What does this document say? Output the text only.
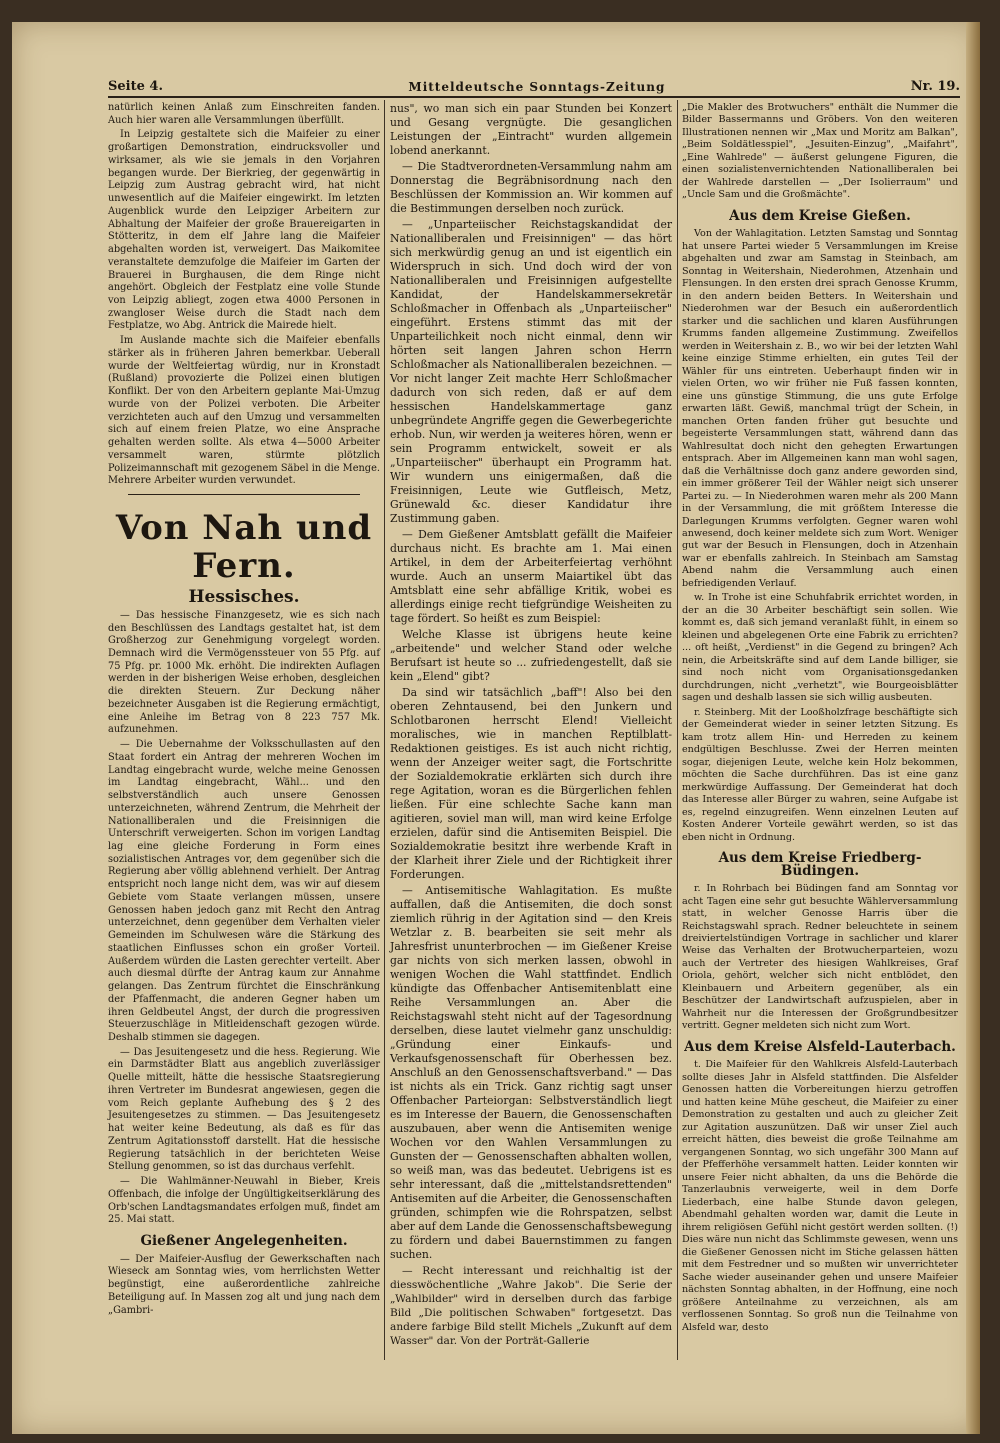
Seite 4.	Mitteldeutsche Sonntags-Zeitung	Nr. 19.

natürlich keinen Anlaß zum Einschreiten fanden. Auch hier waren alle Versammlungen überfüllt.

In Leipzig gestaltete sich die Maifeier zu einer großartigen Demonstration, eindrucksvoller und wirksamer, als wie sie jemals in den Vorjahren begangen wurde. Der Bierkrieg, der gegenwärtig in Leipzig zum Austrag gebracht wird, hat nicht unwesentlich auf die Maifeier eingewirkt. Im letzten Augenblick wurde den Leipziger Arbeitern zur Abhaltung der Maifeier der große Brauereigarten in Stötteritz, in dem elf Jahre lang die Maifeier abgehalten worden ist, verweigert. Das Maikomitee veranstaltete demzufolge die Maifeier im Garten der Brauerei in Burghausen, die dem Ringe nicht angehört. Obgleich der Festplatz eine volle Stunde von Leipzig abliegt, zogen etwa 4000 Personen in zwangloser Weise durch die Stadt nach dem Festplatze, wo Abg. Antrick die Mairede hielt.

Im Auslande machte sich die Maifeier ebenfalls stärker als in früheren Jahren bemerkbar. Ueberall wurde der Weltfeiertag würdig, nur in Kronstadt (Rußland) provozierte die Polizei einen blutigen Konflikt. Der von den Arbeitern geplante Mai-Umzug wurde von der Polizei verboten. Die Arbeiter verzichteten auch auf den Umzug und versammelten sich auf einem freien Platze, wo eine Ansprache gehalten werden sollte. Als etwa 4—5000 Arbeiter versammelt waren, stürmte plötzlich Polizeimannschaft mit gezogenem Säbel in die Menge. Mehrere Arbeiter wurden verwundet.

Von Nah und Fern.
Hessisches.

— Das hessische Finanzgesetz, wie es sich nach den Beschlüssen des Landtags gestaltet hat, ist dem Großherzog zur Genehmigung vorgelegt worden. Demnach wird die Vermögenssteuer von 55 Pfg. auf 75 Pfg. pr. 1000 Mk. erhöht. Die indirekten Auflagen werden in der bisherigen Weise erhoben, desgleichen die direkten Steuern. Zur Deckung näher bezeichneter Ausgaben ist die Regierung ermächtigt, eine Anleihe im Betrag von 8 223 757 Mk. aufzunehmen.

— Die Uebernahme der Volksschullasten auf den Staat fordert ein Antrag der mehreren Wochen im Landtag eingebracht wurde, welche meine Genossen im Landtag eingebracht, Wähl... und den selbstverständlich auch unsere Genossen unterzeichneten, während Zentrum, die Mehrheit der Nationalliberalen und die Freisinnigen die Unterschrift verweigerten. Schon im vorigen Landtag lag eine gleiche Forderung in Form eines sozialistischen Antrages vor, dem gegenüber sich die Regierung aber völlig ablehnend verhielt. Der Antrag entspricht noch lange nicht dem, was wir auf diesem Gebiete vom Staate verlangen müssen, unsere Genossen haben jedoch ganz mit Recht den Antrag unterzeichnet, denn gegenüber dem Verhalten vieler Gemeinden im Schulwesen wäre die Stärkung des staatlichen Einflusses schon ein großer Vorteil. Außerdem würden die Lasten gerechter verteilt. Aber auch diesmal dürfte der Antrag kaum zur Annahme gelangen. Das Zentrum fürchtet die Einschränkung der Pfaffenmacht, die anderen Gegner haben um ihren Geldbeutel Angst, der durch die progressiven Steuerzuschläge in Mitleidenschaft gezogen würde. Deshalb stimmen sie dagegen.

— Das Jesuitengesetz und die hess. Regierung. Wie ein Darmstädter Blatt aus angeblich zuverlässiger Quelle mitteilt, hätte die hessische Staatsregierung ihren Vertreter im Bundesrat angewiesen, gegen die vom Reich geplante Aufhebung des § 2 des Jesuitengesetzes zu stimmen. — Das Jesuitengesetz hat weiter keine Bedeutung, als daß es für das Zentrum Agitationsstoff darstellt. Hat die hessische Regierung tatsächlich in der berichteten Weise Stellung genommen, so ist das durchaus verfehlt.

— Die Wahlmänner-Neuwahl in Bieber, Kreis Offenbach, die infolge der Ungültigkeitserklärung des Orb'schen Landtagsmandates erfolgen muß, findet am 25. Mai statt.

Gießener Angelegenheiten.

— Der Maifeier-Ausflug der Gewerkschaften nach Wieseck am Sonntag wies, vom herrlichsten Wetter begünstigt, eine außerordentliche zahlreiche Beteiligung auf. In Massen zog alt und jung nach dem „Gambri-

nus", wo man sich ein paar Stunden bei Konzert und Gesang vergnügte. Die gesanglichen Leistungen der „Eintracht" wurden allgemein lobend anerkannt.

— Die Stadtverordneten-Versammlung nahm am Donnerstag die Begräbnisordnung nach den Beschlüssen der Kommission an. Wir kommen auf die Bestimmungen derselben noch zurück.

— „Unparteiischer Reichstagskandidat der Nationalliberalen und Freisinnigen" — das hört sich merkwürdig genug an und ist eigentlich ein Widerspruch in sich. Und doch wird der von Nationalliberalen und Freisinnigen aufgestellte Kandidat, der Handelskammersekretär Schloßmacher in Offenbach als „Unparteiischer" eingeführt. Erstens stimmt das mit der Unparteilichkeit noch nicht einmal, denn wir hörten seit langen Jahren schon Herrn Schloßmacher als Nationalliberalen bezeichnen. — Vor nicht langer Zeit machte Herr Schloßmacher dadurch von sich reden, daß er auf dem hessischen Handelskammertage ganz unbegründete Angriffe gegen die Gewerbegerichte erhob. Nun, wir werden ja weiteres hören, wenn er sein Programm entwickelt, soweit er als „Unparteiischer" überhaupt ein Programm hat. Wir wundern uns einigermaßen, daß die Freisinnigen, Leute wie Gutfleisch, Metz, Grünewald &c. dieser Kandidatur ihre Zustimmung gaben.

— Dem Gießener Amtsblatt gefällt die Maifeier durchaus nicht. Es brachte am 1. Mai einen Artikel, in dem der Arbeiterfeiertag verhöhnt wurde. Auch an unserm Maiartikel übt das Amtsblatt eine sehr abfällige Kritik, wobei es allerdings einige recht tiefgründige Weisheiten zu tage fördert. So heißt es zum Beispiel:

Welche Klasse ist übrigens heute keine „arbeitende" und welcher Stand oder welche Berufsart ist heute so ... zufriedengestellt, daß sie kein „Elend" gibt?

Da sind wir tatsächlich „baff"! Also bei den oberen Zehntausend, bei den Junkern und Schlotbaronen herrscht Elend! Vielleicht moralisches, wie in manchen Reptilblatt-Redaktionen geistiges. Es ist auch nicht richtig, wenn der Anzeiger weiter sagt, die Fortschritte der Sozialdemokratie erklärten sich durch ihre rege Agitation, woran es die Bürgerlichen fehlen ließen. Für eine schlechte Sache kann man agitieren, soviel man will, man wird keine Erfolge erzielen, dafür sind die Antisemiten Beispiel. Die Sozialdemokratie besitzt ihre werbende Kraft in der Klarheit ihrer Ziele und der Richtigkeit ihrer Forderungen.

— Antisemitische Wahlagitation. Es mußte auffallen, daß die Antisemiten, die doch sonst ziemlich rührig in der Agitation sind — den Kreis Wetzlar z. B. bearbeiten sie seit mehr als Jahresfrist ununterbrochen — im Gießener Kreise gar nichts von sich merken lassen, obwohl in wenigen Wochen die Wahl stattfindet. Endlich kündigte das Offenbacher Antisemitenblatt eine Reihe Versammlungen an. Aber die Reichstagswahl steht nicht auf der Tagesordnung derselben, diese lautet vielmehr ganz unschuldig: „Gründung einer Einkaufs- und Verkaufsgenossenschaft für Oberhessen bez. Anschluß an den Genossenschaftsverband." — Das ist nichts als ein Trick. Ganz richtig sagt unser Offenbacher Parteiorgan: Selbstverständlich liegt es im Interesse der Bauern, die Genossenschaften auszubauen, aber wenn die Antisemiten wenige Wochen vor den Wahlen Versammlungen zu Gunsten der — Genossenschaften abhalten wollen, so weiß man, was das bedeutet. Uebrigens ist es sehr interessant, daß die „mittelstandsrettenden" Antisemiten auf die Arbeiter, die Genossenschaften gründen, schimpfen wie die Rohrspatzen, selbst aber auf dem Lande die Genossenschaftsbewegung zu fördern und dabei Bauernstimmen zu fangen suchen.

— Recht interessant und reichhaltig ist der diesswöchentliche „Wahre Jakob". Die Serie der „Wahlbilder" wird in derselben durch das farbige Bild „Die politischen Schwaben" fortgesetzt. Das andere farbige Bild stellt Michels „Zukunft auf dem Wasser" dar. Von der Porträt-Gallerie

„Die Makler des Brotwuchers" enthält die Nummer die Bilder Bassermanns und Gröbers. Von den weiteren Illustrationen nennen wir „Max und Moritz am Balkan", „Beim Soldätlesspiel", „Jesuiten-Einzug", „Maifahrt", „Eine Wahlrede" — äußerst gelungene Figuren, die einen sozialistenvernichtenden Nationalliberalen bei der Wahlrede darstellen — „Der Isolierraum" und „Uncle Sam und die Großmächte".

Aus dem Kreise Gießen.

Von der Wahlagitation. Letzten Samstag und Sonntag hat unsere Partei wieder 5 Versammlungen im Kreise abgehalten und zwar am Samstag in Steinbach, am Sonntag in Weitershain, Niederohmen, Atzenhain und Flensungen. In den ersten drei sprach Genosse Krumm, in den andern beiden Betters. In Weitershain und Niederohmen war der Besuch ein außerordentlich starker und die sachlichen und klaren Ausführungen Krumms fanden allgemeine Zustimmung. Zweifellos werden in Weitershain z. B., wo wir bei der letzten Wahl keine einzige Stimme erhielten, ein gutes Teil der Wähler für uns eintreten. Ueberhaupt finden wir in vielen Orten, wo wir früher nie Fuß fassen konnten, eine uns günstige Stimmung, die uns gute Erfolge erwarten läßt. Gewiß, manchmal trügt der Schein, in manchen Orten fanden früher gut besuchte und begeisterte Versammlungen statt, während dann das Wahlresultat doch nicht den gehegten Erwartungen entsprach. Aber im Allgemeinen kann man wohl sagen, daß die Verhältnisse doch ganz andere geworden sind, ein immer größerer Teil der Wähler neigt sich unserer Partei zu. — In Niederohmen waren mehr als 200 Mann in der Versammlung, die mit größtem Interesse die Darlegungen Krumms verfolgten. Gegner waren wohl anwesend, doch keiner meldete sich zum Wort. Weniger gut war der Besuch in Flensungen, doch in Atzenhain war er ebenfalls zahlreich. In Steinbach am Samstag Abend nahm die Versammlung auch einen befriedigenden Verlauf.

w. In Trohe ist eine Schuhfabrik errichtet worden, in der an die 30 Arbeiter beschäftigt sein sollen. Wie kommt es, daß sich jemand veranlaßt fühlt, in einem so kleinen und abgelegenen Orte eine Fabrik zu errichten? ... oft heißt, „Verdienst" in die Gegend zu bringen? Ach nein, die Arbeitskräfte sind auf dem Lande billiger, sie sind noch nicht vom Organisationsgedanken durchdrungen, nicht „verhetzt", wie Bourgeoisblätter sagen und deshalb lassen sie sich willig ausbeuten.

r. Steinberg. Mit der Looßholzfrage beschäftigte sich der Gemeinderat wieder in seiner letzten Sitzung. Es kam trotz allem Hin- und Herreden zu keinem endgültigen Beschlusse. Zwei der Herren meinten sogar, diejenigen Leute, welche kein Holz bekommen, möchten die Sache durchführen. Das ist eine ganz merkwürdige Auffassung. Der Gemeinderat hat doch das Interesse aller Bürger zu wahren, seine Aufgabe ist es, regelnd einzugreifen. Wenn einzelnen Leuten auf Kosten Anderer Vorteile gewährt werden, so ist das eben nicht in Ordnung.

Aus dem Kreise Friedberg-Büdingen.

r. In Rohrbach bei Büdingen fand am Sonntag vor acht Tagen eine sehr gut besuchte Wählerversammlung statt, in welcher Genosse Harris über die Reichstagswahl sprach. Redner beleuchtete in seinem dreiviertelstündigen Vortrage in sachlicher und klarer Weise das Verhalten der Brotwucherparteien, wozu auch der Vertreter des hiesigen Wahlkreises, Graf Oriola, gehört, welcher sich nicht entblödet, den Kleinbauern und Arbeitern gegenüber, als ein Beschützer der Landwirtschaft aufzuspielen, aber in Wahrheit nur die Interessen der Großgrundbesitzer vertritt. Gegner meldeten sich nicht zum Wort.

Aus dem Kreise Alsfeld-Lauterbach.

t. Die Maifeier für den Wahlkreis Alsfeld-Lauterbach sollte dieses Jahr in Alsfeld stattfinden. Die Alsfelder Genossen hatten die Vorbereitungen hierzu getroffen und hatten keine Mühe gescheut, die Maifeier zu einer Demonstration zu gestalten und auch zu gleicher Zeit zur Agitation auszunützen. Daß wir unser Ziel auch erreicht hätten, dies beweist die große Teilnahme am vergangenen Sonntag, wo sich ungefähr 300 Mann auf der Pfefferhöhe versammelt hatten. Leider konnten wir unsere Feier nicht abhalten, da uns die Behörde die Tanzerlaubnis verweigerte, weil in dem Dorfe Liederbach, eine halbe Stunde davon gelegen, Abendmahl gehalten worden war, damit die Leute in ihrem religiösen Gefühl nicht gestört werden sollten. (!) Dies wäre nun nicht das Schlimmste gewesen, wenn uns die Gießener Genossen nicht im Stiche gelassen hätten mit dem Festredner und so mußten wir unverrichteter Sache wieder auseinander gehen und unsere Maifeier nächsten Sonntag abhalten, in der Hoffnung, eine noch größere Anteilnahme zu verzeichnen, als am verflossenen Sonntag. So groß nun die Teilnahme von Alsfeld war, desto
